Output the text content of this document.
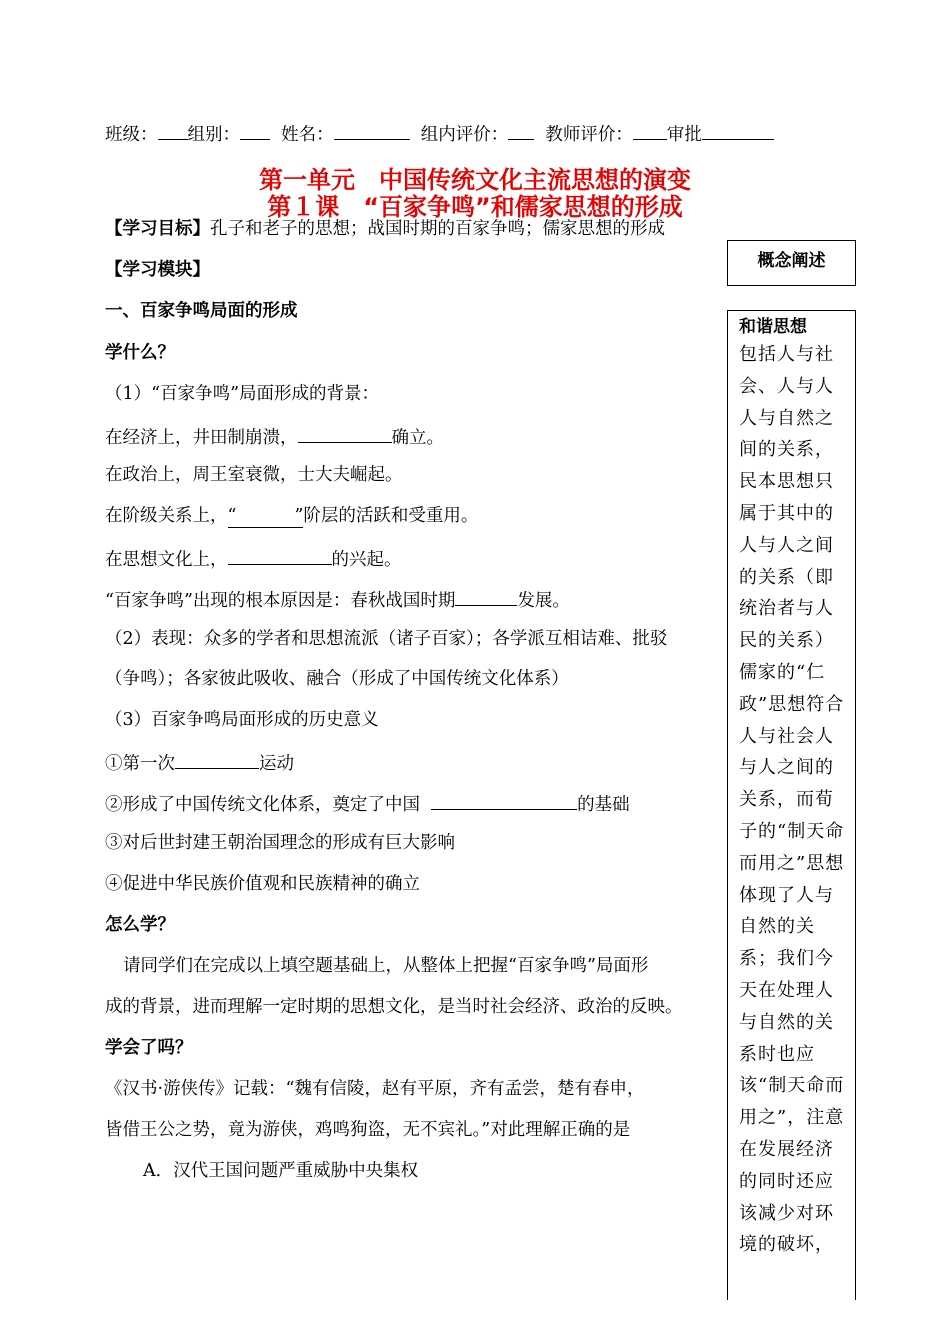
班级： 组别： 姓名：	组内评价： 教师评价： 审批
第一单元　中国传统文化主流思想的演变
第１课　“百家争鸣”和儒家思想的形成
【学习目标】孔子和老子的思想；战国时期的百家争鸣；儒家思想的形成
【学习模块】
一、百家争鸣局面的形成
学什么？
（1）“百家争鸣”局面形成的背景：
在经济上，井田制崩溃，	确立。
在政治上，周王室衰微，士大夫崛起。
在阶级关系上，“	”阶层的活跃和受重用。
在思想文化上，	的兴起。
“百家争鸣”出现的根本原因是：春秋战国时期	发展。
（2）表现：众多的学者和思想流派（诸子百家）；各学派互相诘难、批驳
（争鸣）；各家彼此吸收、融合（形成了中国传统文化体系）
（3）百家争鸣局面形成的历史意义
①第一次	运动
②形成了中国传统文化体系，奠定了中国	的基础
③对后世封建王朝治国理念的形成有巨大影响
④促进中华民族价值观和民族精神的确立
怎么学？
请同学们在完成以上填空题基础上，从整体上把握“百家争鸣”局面形
成的背景，进而理解一定时期的思想文化，是当时社会经济、政治的反映。
学会了吗？
《汉书·游侠传》记载：“魏有信陵，赵有平原，齐有孟尝，楚有春申，
皆借王公之势，竟为游侠，鸡鸣狗盗，无不宾礼。”对此理解正确的是
A．汉代王国问题严重威胁中央集权
概念阐述
和谐思想
包括人与社会、人与人人与自然之间的关系，民本思想只属于其中的人与人之间的关系（即统治者与人民的关系）儒家的“仁政”思想符合人与社会人与人之间的关系，而荀子的“制天命而用之”思想体现了人与自然的关系；我们今天在处理人与自然的关系时也应该“制天命而用之”，注意在发展经济的同时还应该减少对环境的破坏，
